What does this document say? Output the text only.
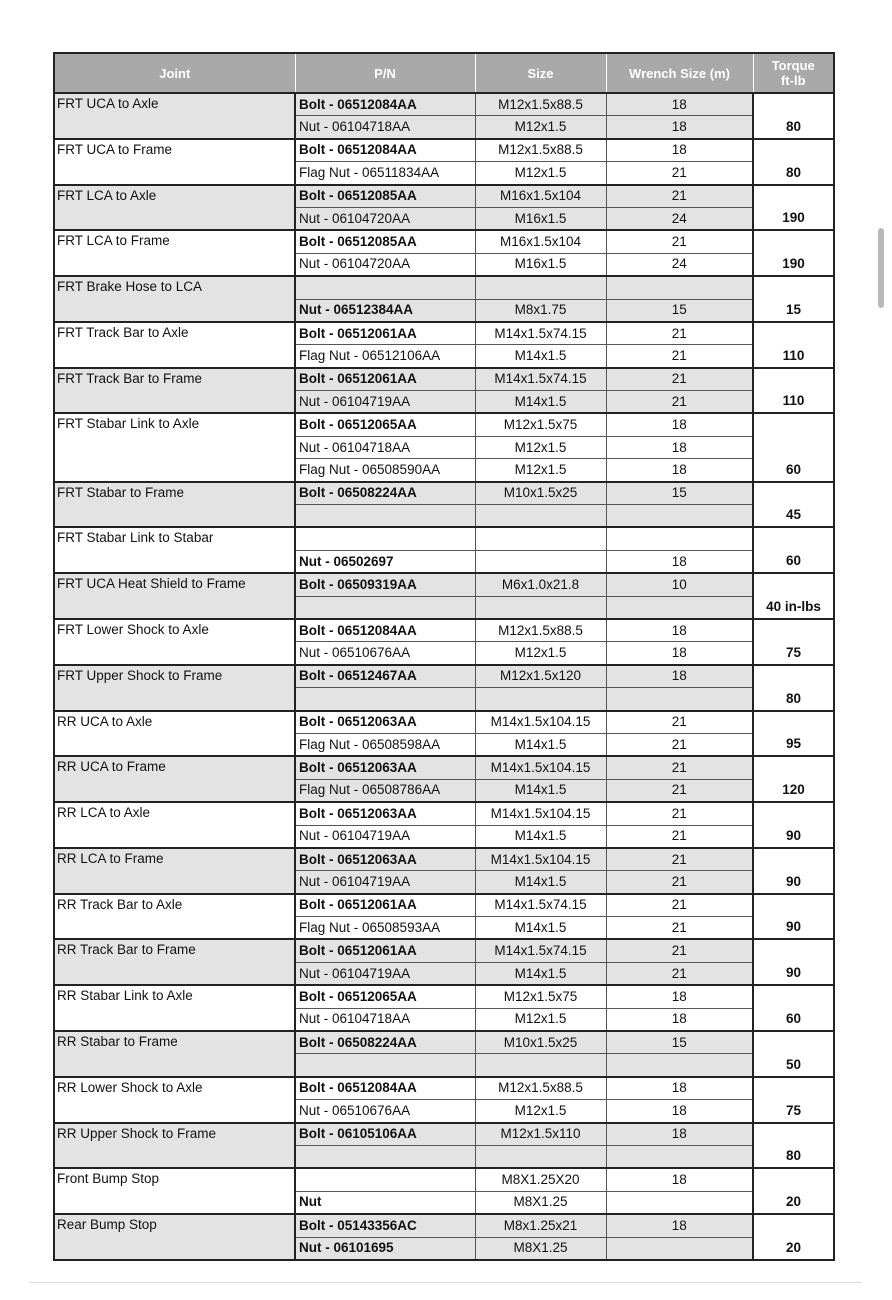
Joint	P/N	Size	Wrench Size (m)	Torque
ft-lb
FRT UCA to Axle	Bolt - 06512084AA	M12x1.5x88.5	18	80
	Nut - 06104718AA	M12x1.5	18	
FRT UCA to Frame	Bolt - 06512084AA	M12x1.5x88.5	18	80
	Flag Nut - 06511834AA	M12x1.5	21	
FRT LCA to Axle	Bolt - 06512085AA	M16x1.5x104	21	190
	Nut - 06104720AA	M16x1.5	24	
FRT LCA to Frame	Bolt - 06512085AA	M16x1.5x104	21	190
	Nut - 06104720AA	M16x1.5	24	
FRT Brake Hose to LCA				15
	Nut - 06512384AA	M8x1.75	15	
FRT Track Bar to Axle	Bolt - 06512061AA	M14x1.5x74.15	21	110
	Flag Nut - 06512106AA	M14x1.5	21	
FRT Track Bar to Frame	Bolt - 06512061AA	M14x1.5x74.15	21	110
	Nut - 06104719AA	M14x1.5	21	
FRT Stabar Link to Axle	Bolt - 06512065AA	M12x1.5x75	18	60
	Nut - 06104718AA	M12x1.5	18	
	Flag Nut - 06508590AA	M12x1.5	18	
FRT Stabar to Frame	Bolt - 06508224AA	M10x1.5x25	15	45

FRT Stabar Link to Stabar				60
	Nut - 06502697		18	
FRT UCA Heat Shield to Frame	Bolt - 06509319AA	M6x1.0x21.8	10	40 in-lbs

FRT Lower Shock to Axle	Bolt - 06512084AA	M12x1.5x88.5	18	75
	Nut - 06510676AA	M12x1.5	18	
FRT Upper Shock to Frame	Bolt - 06512467AA	M12x1.5x120	18	80

RR UCA to Axle	Bolt - 06512063AA	M14x1.5x104.15	21	95
	Flag Nut - 06508598AA	M14x1.5	21	
RR UCA to Frame	Bolt - 06512063AA	M14x1.5x104.15	21	120
	Flag Nut - 06508786AA	M14x1.5	21	
RR LCA to Axle	Bolt - 06512063AA	M14x1.5x104.15	21	90
	Nut - 06104719AA	M14x1.5	21	
RR LCA to Frame	Bolt - 06512063AA	M14x1.5x104.15	21	90
	Nut - 06104719AA	M14x1.5	21	
RR Track Bar to Axle	Bolt - 06512061AA	M14x1.5x74.15	21	90
	Flag Nut - 06508593AA	M14x1.5	21	
RR Track Bar to Frame	Bolt - 06512061AA	M14x1.5x74.15	21	90
	Nut - 06104719AA	M14x1.5	21	
RR Stabar Link to Axle	Bolt - 06512065AA	M12x1.5x75	18	60
	Nut - 06104718AA	M12x1.5	18	
RR Stabar to Frame	Bolt - 06508224AA	M10x1.5x25	15	50

RR Lower Shock to Axle	Bolt - 06512084AA	M12x1.5x88.5	18	75
	Nut - 06510676AA	M12x1.5	18	
RR Upper Shock to Frame	Bolt - 06105106AA	M12x1.5x110	18	80

Front Bump Stop		M8X1.25X20	18	20
	Nut	M8X1.25		
Rear Bump Stop	Bolt - 05143356AC	M8x1.25x21	18	20
	Nut - 06101695	M8X1.25		
